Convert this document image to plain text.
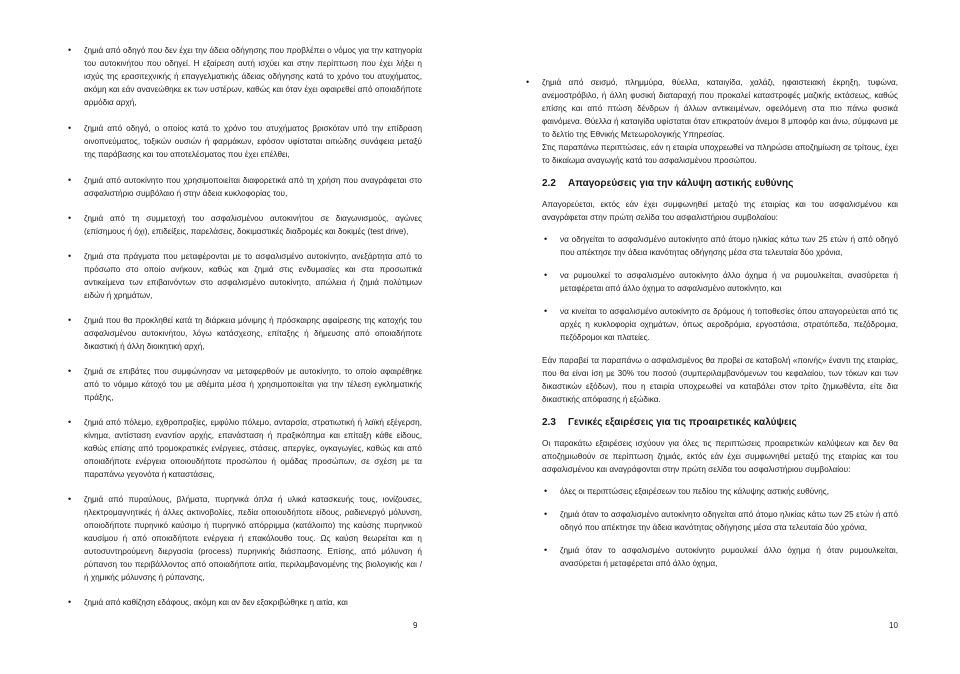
• ζημιά από οδηγό που δεν έχει την άδεια οδήγησης που προβλέπει ο νόμος για την κατηγορία του αυτοκινήτου που οδηγεί. Η εξαίρεση αυτή ισχύει και στην περίπτωση που έχει λήξει η ισχύς της ερασιτεχνικής ή επαγγελματικής άδειας οδήγησης κατά το χρόνο του ατυχήματος, ακόμη και εάν ανανεώθηκε εκ των υστέρων, καθώς και όταν έχει αφαιρεθεί από οποιαδήποτε αρμόδια αρχή,
• ζημιά από οδηγό, ο οποίος κατά το χρόνο του ατυχήματος βρισκόταν υπό την επίδραση οινοπνεύματος, τοξικών ουσιών ή φαρμάκων, εφόσον υφίσταται αιτιώδης συνάφεια μεταξύ της παράβασης και του αποτελέσματος που έχει επέλθει,
• ζημιά από αυτοκίνητο που χρησιμοποιείται διαφορετικά από τη χρήση που αναγράφεται στο ασφαλιστήριο συμβόλαιο ή στην άδεια κυκλοφορίας του,
• ζημιά από τη συμμετοχή του ασφαλισμένου αυτοκινήτου σε διαγωνισμούς, αγώνες (επίσημους ή όχι), επιδείξεις, παρελάσεις, δοκιμαστικές διαδρομές και δοκιμές (test drive),
• ζημιά στα πράγματα που μεταφέρονται με το ασφαλισμένο αυτοκίνητο, ανεξάρτητα από το πρόσωπο στο οποίο ανήκουν, καθώς και ζημιά στις ενδυμασίες και στα προσωπικά αντικείμενα των επιβαινόντων στο ασφαλισμένο αυτοκίνητο, απώλεια ή ζημιά πολύτιμων ειδών ή χρημάτων,
• ζημιά που θα προκληθεί κατά τη διάρκεια μόνιμης ή πρόσκαιρης αφαίρεσης της κατοχής του ασφαλισμένου αυτοκινήτου, λόγω κατάσχεσης, επίταξης ή δήμευσης από οποιαδήποτε δικαστική ή άλλη διοικητική αρχή,
• ζημιά σε επιβάτες που συμφώνησαν να μεταφερθούν με αυτοκίνητο, το οποίο αφαιρέθηκε από το νόμιμο κάτοχό του με αθέμιτα μέσα ή χρησιμοποιείται για την τέλεση εγκληματικής πράξης,
• ζημιά από πόλεμο, εχθροπραξίες, εμφύλιο πόλεμο, ανταρσία, στρατιωτική ή λαϊκή εξέγερση, κίνημα, αντίσταση εναντίον αρχής, επανάσταση ή πραξικόπημα και επίταξη κάθε είδους, καθώς επίσης από τρομοκρατικές ενέργειες, στάσεις, απεργίες, ογκαγωγίες, καθώς και από οποιαδήποτε ενέργεια οποιουδήποτε προσώπου ή ομάδας προσώπων, σε σχέση με τα παραπάνω γεγονότα ή καταστάσεις,
• ζημιά από πυραύλους, βλήματα, πυρηνικά όπλα ή υλικά κατασκευής τους, ιονίζουσες, ηλεκτρομαγνητικές ή άλλες ακτινοβολίες, πεδία οποιουδήποτε είδους, ραδιενεργό μόλυνση, οποιοδήποτε πυρηνικό καύσιμο ή πυρηνικό απόρριμμα (κατάλοιπο) της καύσης πυρηνικού καυσίμου ή από οποιαδήποτε ενέργεια ή επακόλουθο τους. Ως καύση θεωρείται και η αυτοσυντηρούμενη διεργασία (process) πυρηνικής διάσπασης. Επίσης, από μόλυνση ή ρύπανση του περιβάλλοντος από οποιαδήποτε αιτία, περιλαμβανομένης της βιολογικής και / ή χημικής μόλυνσης ή ρύπανσης,
• ζημιά από καθίζηση εδάφους, ακόμη και αν δεν εξακριβώθηκε η αιτία, και
9
• ζημιά από σεισμό, πλημμύρα, θύελλα, καταιγίδα, χαλάζι, ηφαιστειακή έκρηξη, τυφώνα, ανεμοστρόβιλο, ή άλλη φυσική διαταραχή που προκαλεί καταστροφές μαζικής εκτάσεως, καθώς επίσης και από πτώση δένδρων ή άλλων αντικειμένων, οφειλόμενη στα πιο πάνω φυσικά φαινόμενα. Θύελλα ή καταιγίδα υφίσταται όταν επικρατούν άνεμοι 8 μποφόρ και άνω, σύμφωνα με το δελτίο της Εθνικής Μετεωρολογικής Υπηρεσίας.

Στις παραπάνω περιπτώσεις, εάν η εταιρία υποχρεωθεί να πληρώσει αποζημίωση σε τρίτους, έχει το δικαίωμα αναγωγής κατά του ασφαλισμένου προσώπου.

2.2 Απαγορεύσεις για την κάλυψη αστικής ευθύνης

Απαγορεύεται, εκτός εάν έχει συμφωνηθεί μεταξύ της εταιρίας και του ασφαλισμένου και αναγράφεται στην πρώτη σελίδα του ασφαλιστήριου συμβολαίου:

• να οδηγείται το ασφαλισμένο αυτοκίνητο από άτομο ηλικίας κάτω των 25 ετών ή από οδηγό που απέκτησε την άδεια ικανότητας οδήγησης μέσα στα τελευταία δύο χρόνια,
• να ρυμουλκεί το ασφαλισμένο αυτοκίνητο άλλο όχημα ή να ρυμουλκείται, ανασύρεται ή μεταφέρεται από άλλο όχημα το ασφαλισμένο αυτοκίνητο, και
• να κινείται το ασφαλισμένο αυτοκίνητο σε δρόμους ή τοποθεσίες όπου απαγορεύεται από τις αρχές η κυκλοφορία οχημάτων, όπως αεροδρόμια, εργοστάσια, στρατόπεδα, πεζόδρομια, πεζόδρομοι και πλατείες.

Εάν παραβεί τα παραπάνω ο ασφαλισμένος θα προβεί σε καταβολή «ποινής» έναντι της εταιρίας, που θα είναι ίση με 30% του ποσού (συμπεριλαμβανόμενων του κεφαλαίου, των τόκων και των δικαστικών εξόδων), που η εταιρία υποχρεωθεί να καταβάλει στον τρίτο ζημιωθέντα, είτε δια δικαστικής απόφασης ή εξώδικα.

2.3 Γενικές εξαιρέσεις για τις προαιρετικές καλύψεις

Οι παρακάτω εξαιρέσεις ισχύουν για όλες τις περιπτώσεις προαιρετικών καλύψεων και δεν θα αποζημιωθούν σε περίπτωση ζημιάς, εκτός εάν έχει συμφωνηθεί μεταξύ της εταιρίας και του ασφαλισμένου και αναγράφονται στην πρώτη σελίδα του ασφαλιστήριου συμβολαίου:

• όλες οι περιπτώσεις εξαιρέσεων του πεδίου της κάλυψης αστικής ευθύνης,
• ζημιά όταν το ασφαλισμένο αυτοκίνητο οδηγείται από άτομο ηλικίας κάτω των 25 ετών ή από οδηγό που απέκτησε την άδεια ικανότητας οδήγησης μέσα στα τελευταία δύο χρόνια,
• ζημιά όταν το ασφαλισμένο αυτοκίνητο ρυμουλκεί άλλο όχημα ή όταν ρυμουλκείται, ανασύρεται ή μεταφέρεται από άλλο όχημα,
10
